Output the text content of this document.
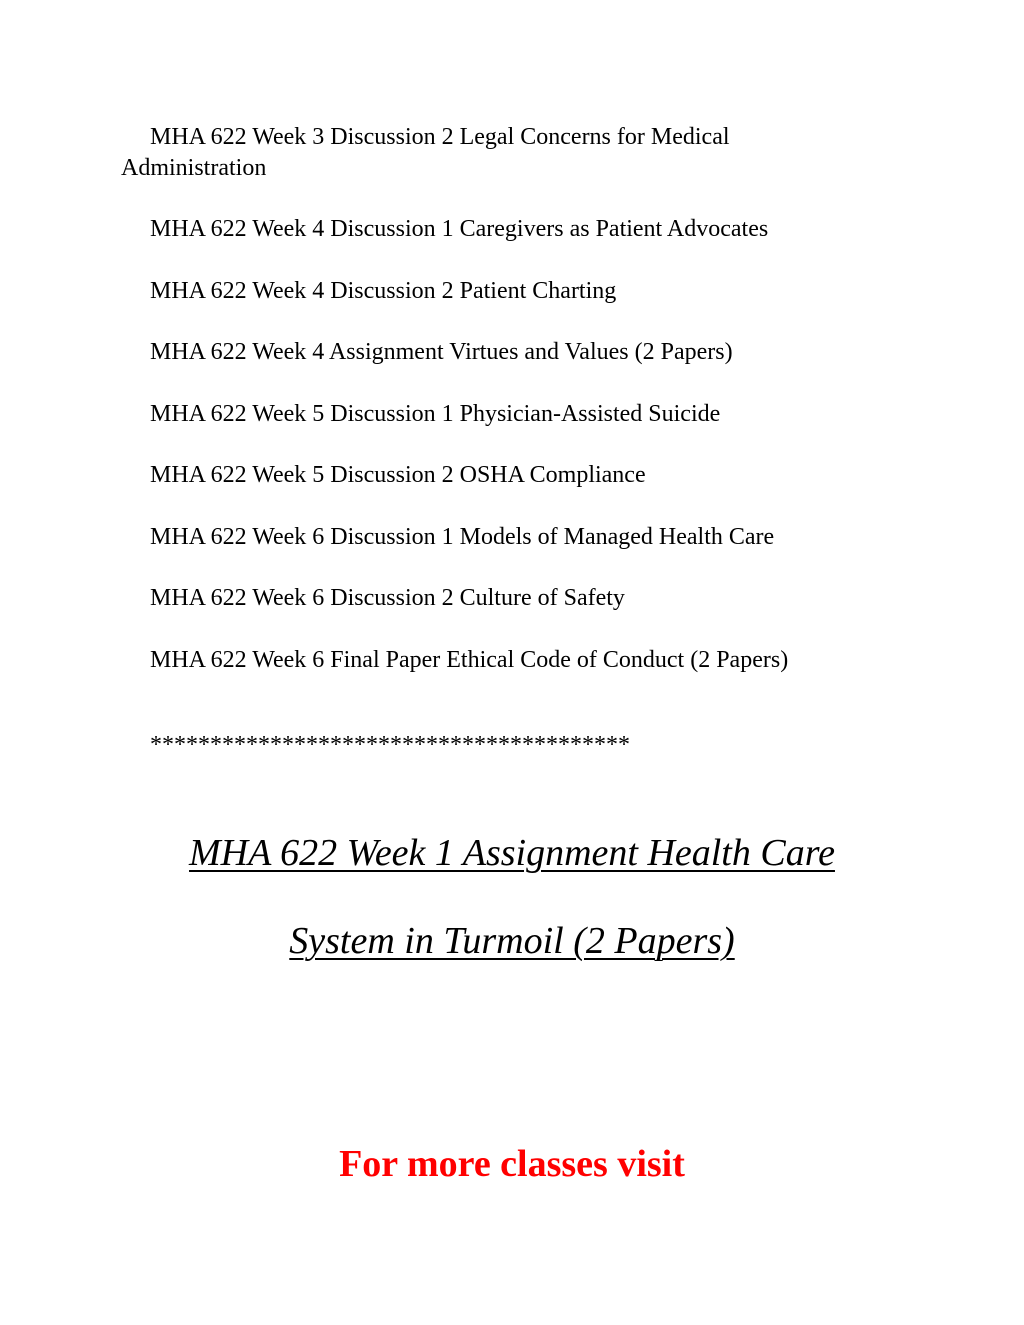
MHA 622 Week 3 Discussion 2 Legal Concerns for Medical Administration
MHA 622 Week 4 Discussion 1 Caregivers as Patient Advocates
MHA 622 Week 4 Discussion 2 Patient Charting
MHA 622 Week 4 Assignment Virtues and Values (2 Papers)
MHA 622 Week 5 Discussion 1 Physician-Assisted Suicide
MHA 622 Week 5 Discussion 2 OSHA Compliance
MHA 622 Week 6 Discussion 1 Models of Managed Health Care
MHA 622 Week 6 Discussion 2 Culture of Safety
MHA 622 Week 6 Final Paper Ethical Code of Conduct (2 Papers)
****************************************
MHA 622 Week 1 Assignment Health Care
System in Turmoil (2 Papers)
For more classes visit
